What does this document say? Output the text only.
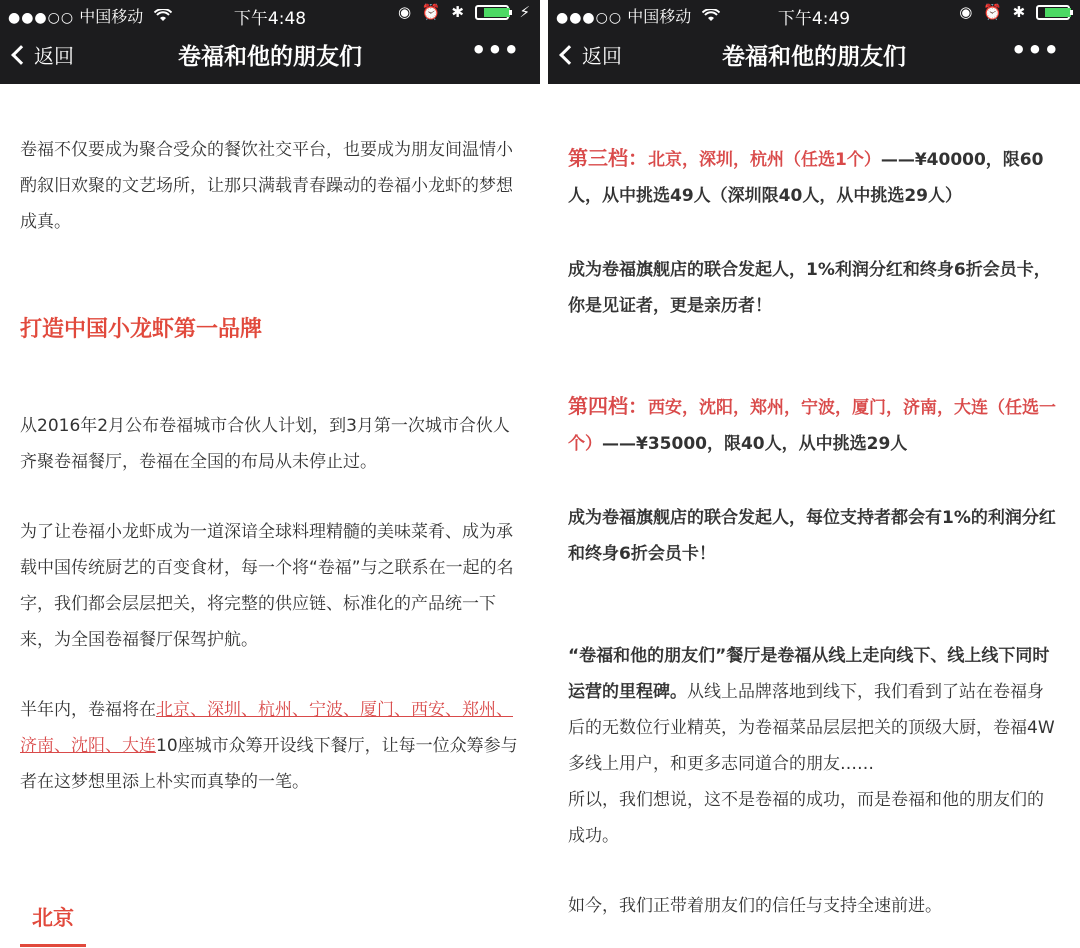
●●●○○ 中国移动	下午4:48	◉ ⏰ ✱	⚡
返回	卷福和他的朋友们	•••

卷福不仅要成为聚合受众的餐饮社交平台，也要成为朋友间温情小酌叙旧欢聚的文艺场所，让那只满载青春躁动的卷福小龙虾的梦想成真。

打造中国小龙虾第一品牌

从2016年2月公布卷福城市合伙人计划，到3月第一次城市合伙人齐聚卷福餐厅，卷福在全国的布局从未停止过。

为了让卷福小龙虾成为一道深谙全球料理精髓的美味菜肴、成为承载中国传统厨艺的百变食材，每一个将“卷福”与之联系在一起的名字，我们都会层层把关，将完整的供应链、标准化的产品统一下来，为全国卷福餐厅保驾护航。

半年内，卷福将在北京、深圳、杭州、宁波、厦门、西安、郑州、济南、沈阳、大连10座城市众筹开设线下餐厅，让每一位众筹参与者在这梦想里添上朴实而真挚的一笔。

北京
●●●○○ 中国移动	下午4:49	◉ ⏰ ✱
返回	卷福和他的朋友们	•••

第三档：北京，深圳，杭州（任选1个）——¥40000，限60人，从中挑选49人（深圳限40人，从中挑选29人）

成为卷福旗舰店的联合发起人，1%利润分红和终身6折会员卡，你是见证者，更是亲历者！

第四档：西安，沈阳，郑州，宁波，厦门，济南，大连（任选一个）——¥35000，限40人，从中挑选29人

成为卷福旗舰店的联合发起人，每位支持者都会有1%的利润分红和终身6折会员卡！

“卷福和他的朋友们”餐厅是卷福从线上走向线下、线上线下同时运营的里程碑。从线上品牌落地到线下，我们看到了站在卷福身后的无数位行业精英，为卷福菜品层层把关的顶级大厨，卷福4W多线上用户，和更多志同道合的朋友……

所以，我们想说，这不是卷福的成功，而是卷福和他的朋友们的成功。

如今，我们正带着朋友们的信任与支持全速前进。
